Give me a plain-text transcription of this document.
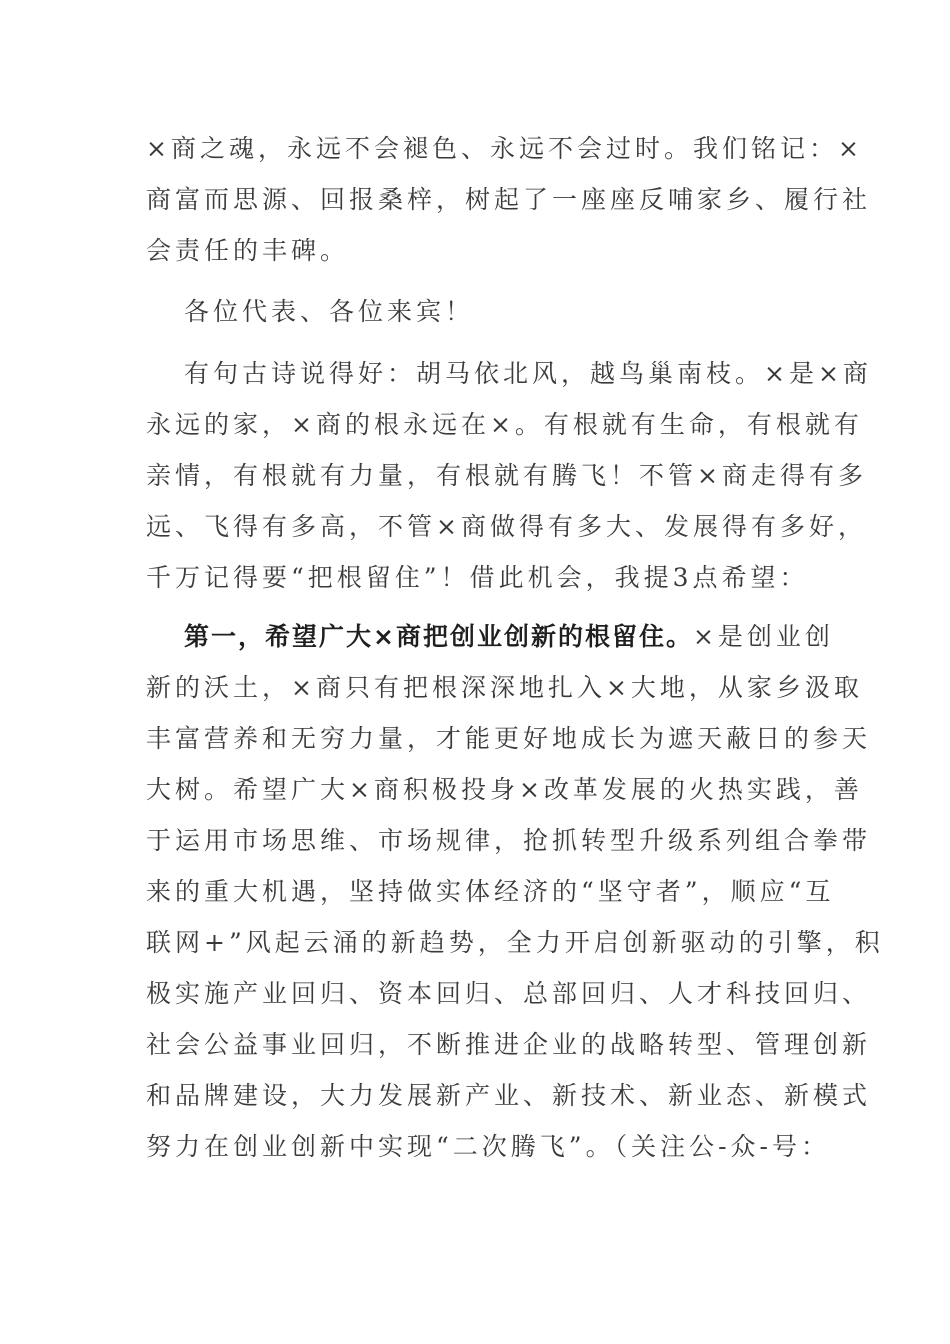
×商之魂，永远不会褪色、永远不会过时。我们铭记：×
商富而思源、回报桑梓，树起了一座座反哺家乡、履行社
会责任的丰碑。
各位代表、各位来宾！
有句古诗说得好：胡马依北风，越鸟巢南枝。×是×商
永远的家，×商的根永远在×。有根就有生命，有根就有
亲情，有根就有力量，有根就有腾飞！不管×商走得有多
远、飞得有多高，不管×商做得有多大、发展得有多好，
千万记得要“把根留住”！借此机会，我提3点希望：
第一，希望广大×商把创业创新的根留住。×是创业创
新的沃土，×商只有把根深深地扎入×大地，从家乡汲取
丰富营养和无穷力量，才能更好地成长为遮天蔽日的参天
大树。希望广大×商积极投身×改革发展的火热实践，善
于运用市场思维、市场规律，抢抓转型升级系列组合拳带
来的重大机遇，坚持做实体经济的“坚守者”，顺应“互
联网+”风起云涌的新趋势，全力开启创新驱动的引擎，积
极实施产业回归、资本回归、总部回归、人才科技回归、
社会公益事业回归，不断推进企业的战略转型、管理创新
和品牌建设，大力发展新产业、新技术、新业态、新模式
努力在创业创新中实现“二次腾飞”。（关注公-众-号：
